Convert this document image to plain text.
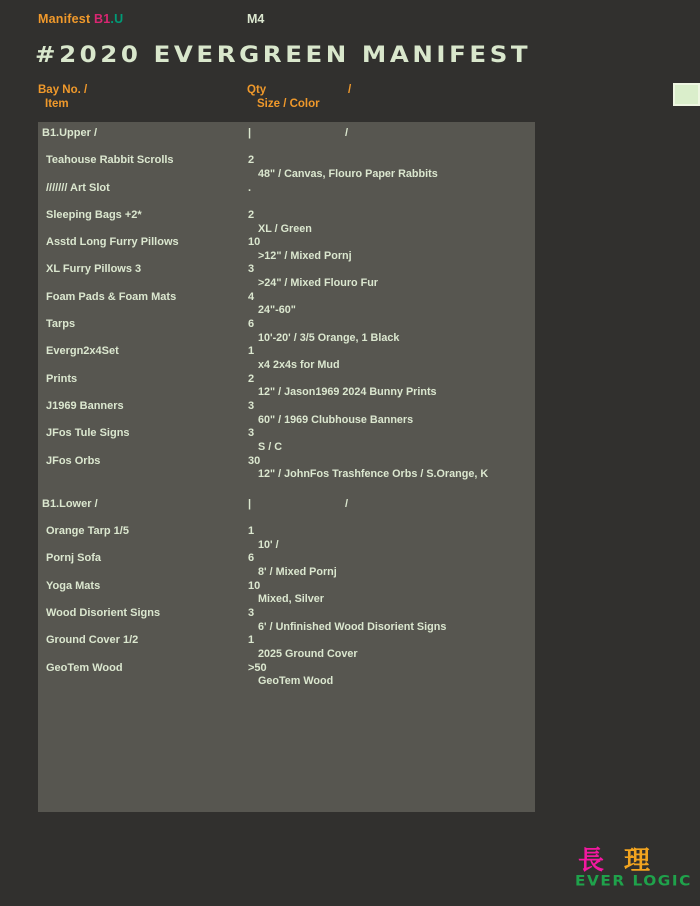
Manifest B1.U	M4
#2020 EVERGREEN MANIFEST
Bay No. /
Item
Qty	/
Size / Color
B1.Upper /	|	/
Teahouse Rabbit Scrolls	2
48" / Canvas, Flouro Paper Rabbits
/////// Art Slot	.
Sleeping Bags +2*	2
XL / Green
Asstd Long Furry Pillows	10
>12" / Mixed Pornj
XL Furry Pillows 3	3
>24" / Mixed Flouro Fur
Foam Pads & Foam Mats	4
24"-60"
Tarps	6
10'-20' / 3/5 Orange, 1 Black
Evergn2x4Set	1
x4 2x4s for Mud
Prints	2
12" / Jason1969 2024 Bunny Prints
J1969 Banners	3
60" / 1969 Clubhouse Banners
JFos Tule Signs	3
S / C
JFos Orbs	30
12" / JohnFos Trashfence Orbs / S.Orange, K
B1.Lower /	|	/
Orange Tarp 1/5	1
10' /
Pornj Sofa	6
8' / Mixed Pornj
Yoga Mats	10
Mixed, Silver
Wood Disorient Signs	3
6' / Unfinished Wood Disorient Signs
Ground Cover 1/2	1
2025 Ground Cover
GeoTem Wood	>50
GeoTem Wood
長 理
EVER LOGIC
